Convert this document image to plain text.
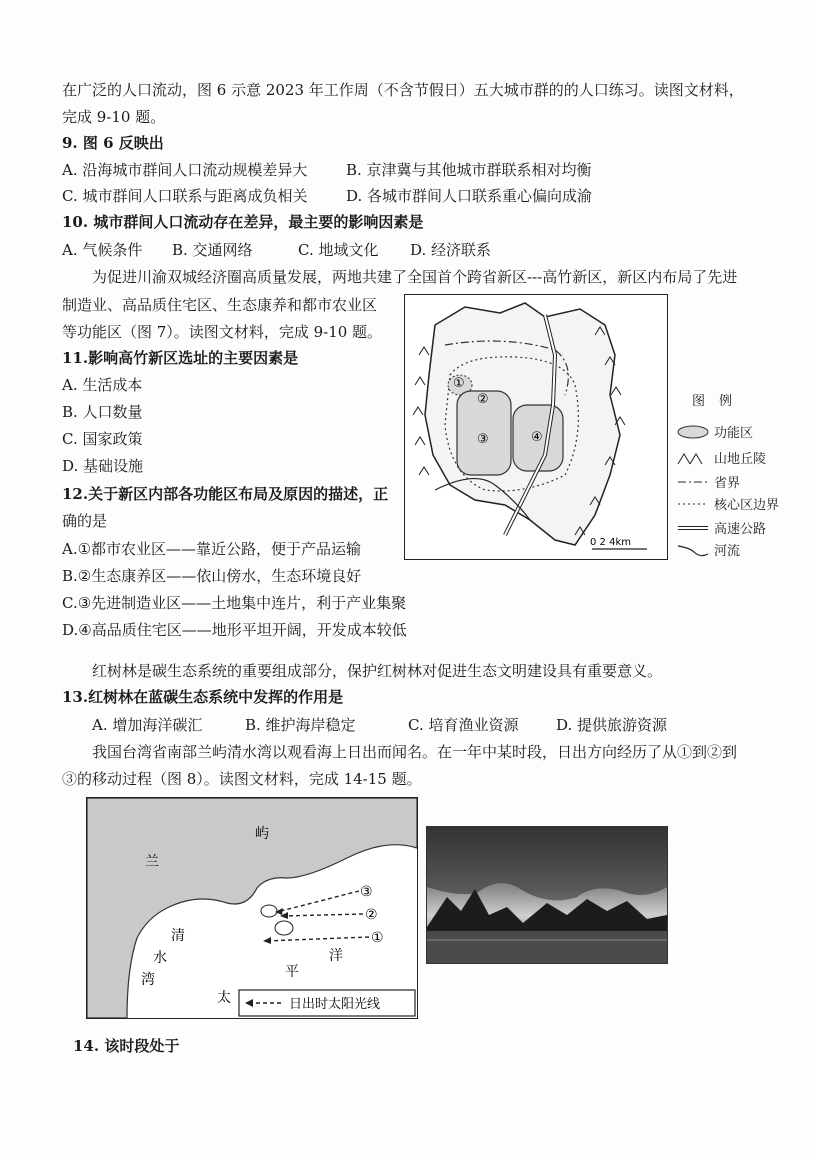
在广泛的人口流动，图 6 示意 2023 年工作周（不含节假日）五大城市群的的人口练习。读图文材料，
完成 9-10 题。
9. 图 6 反映出
A. 沿海城市群间人口流动规模差异大	B. 京津冀与其他城市群联系相对均衡
C. 城市群间人口联系与距离成负相关	D. 各城市群间人口联系重心偏向成渝
10. 城市群间人口流动存在差异，最主要的影响因素是
A. 气候条件 B. 交通网络	C. 地域文化 D. 经济联系
为促进川渝双城经济圈高质量发展，两地共建了全国首个跨省新区---高竹新区，新区内布局了先进
制造业、高品质住宅区、生态康养和都市农业区
等功能区（图 7）。读图文材料，完成 9-10 题。
11.影响高竹新区选址的主要因素是
A. 生活成本
B. 人口数量
C. 国家政策
D. 基础设施
12.关于新区内部各功能区布局及原因的描述，正
确的是
A.①都市农业区——靠近公路，便于产品运输
B.②生态康养区——依山傍水，生态环境良好
C.③先进制造业区——土地集中连片，利于产业集聚
D.④高品质住宅区——地形平坦开阔，开发成本较低
①
②
③	④
0 2 4km
图例
功能区
山地丘陵
省界
核心区边界
高速公路
河流
红树林是碳生态系统的重要组成部分，保护红树林对促进生态文明建设具有重要意义。
13.红树林在蓝碳生态系统中发挥的作用是
A. 增加海洋碳汇	B. 维护海岸稳定	C. 培育渔业资源	D. 提供旅游资源
我国台湾省南部兰屿清水湾以观看海上日出而闻名。在一年中某时段，日出方向经历了从①到②到
③的移动过程（图 8）。读图文材料，完成 14-15 题。
③
②
①
兰
屿
清
水
湾
太
平
洋
日出时太阳光线
14. 该时段处于
